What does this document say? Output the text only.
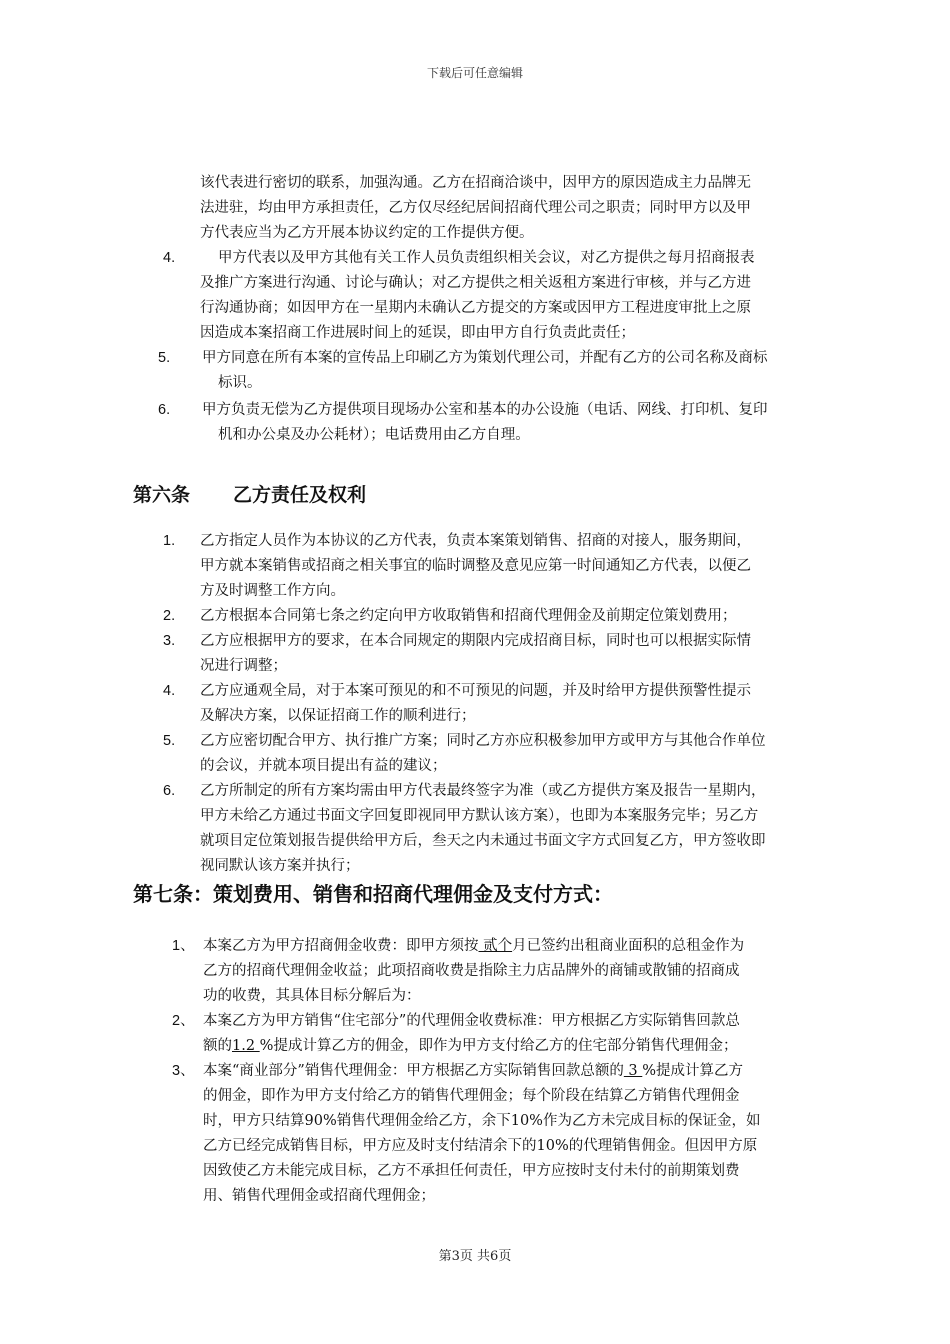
下载后可任意编辑
该代表进行密切的联系，加强沟通。乙方在招商洽谈中，因甲方的原因造成主力品牌无
法进驻，均由甲方承担责任，乙方仅尽经纪居间招商代理公司之职责；同时甲方以及甲
方代表应当为乙方开展本协议约定的工作提供方便。
4.	甲方代表以及甲方其他有关工作人员负责组织相关会议，对乙方提供之每月招商报表
及推广方案进行沟通、讨论与确认；对乙方提供之相关返租方案进行审核，并与乙方进
行沟通协商；如因甲方在一星期内未确认乙方提交的方案或因甲方工程进度审批上之原
因造成本案招商工作进展时间上的延误，即由甲方自行负责此责任；
5. 甲方同意在所有本案的宣传品上印刷乙方为策划代理公司，并配有乙方的公司名称及商标
标识。
6. 甲方负责无偿为乙方提供项目现场办公室和基本的办公设施（电话、网线、打印机、复印
机和办公桌及办公耗材）；电话费用由乙方自理。
第六条 乙方责任及权利
1. 乙方指定人员作为本协议的乙方代表，负责本案策划销售、招商的对接人，服务期间，
甲方就本案销售或招商之相关事宜的临时调整及意见应第一时间通知乙方代表，以便乙
方及时调整工作方向。
2. 乙方根据本合同第七条之约定向甲方收取销售和招商代理佣金及前期定位策划费用；
3. 乙方应根据甲方的要求，在本合同规定的期限内完成招商目标，同时也可以根据实际情
况进行调整；
4. 乙方应通观全局，对于本案可预见的和不可预见的问题，并及时给甲方提供预警性提示
及解决方案，以保证招商工作的顺利进行；
5. 乙方应密切配合甲方、执行推广方案；同时乙方亦应积极参加甲方或甲方与其他合作单位
的会议，并就本项目提出有益的建议；
6. 乙方所制定的所有方案均需由甲方代表最终签字为准（或乙方提供方案及报告一星期内，
甲方未给乙方通过书面文字回复即视同甲方默认该方案），也即为本案服务完毕；另乙方
就项目定位策划报告提供给甲方后，叁天之内未通过书面文字方式回复乙方，甲方签收即
视同默认该方案并执行；
第七条：策划费用、销售和招商代理佣金及支付方式：
1、 本案乙方为甲方招商佣金收费：即甲方须按 贰个月已签约出租商业面积的总租金作为
乙方的招商代理佣金收益；此项招商收费是指除主力店品牌外的商铺或散铺的招商成
功的收费，其具体目标分解后为：
2、 本案乙方为甲方销售“住宅部分”的代理佣金收费标准：甲方根据乙方实际销售回款总
额的1.2 %提成计算乙方的佣金，即作为甲方支付给乙方的住宅部分销售代理佣金；
3、 本案“商业部分”销售代理佣金：甲方根据乙方实际销售回款总额的 3 %提成计算乙方
的佣金，即作为甲方支付给乙方的销售代理佣金；每个阶段在结算乙方销售代理佣金
时，甲方只结算90%销售代理佣金给乙方，余下10%作为乙方未完成目标的保证金，如
乙方已经完成销售目标，甲方应及时支付结清余下的10%的代理销售佣金。但因甲方原
因致使乙方未能完成目标，乙方不承担任何责任，甲方应按时支付未付的前期策划费
用、销售代理佣金或招商代理佣金；
第3页 共6页
